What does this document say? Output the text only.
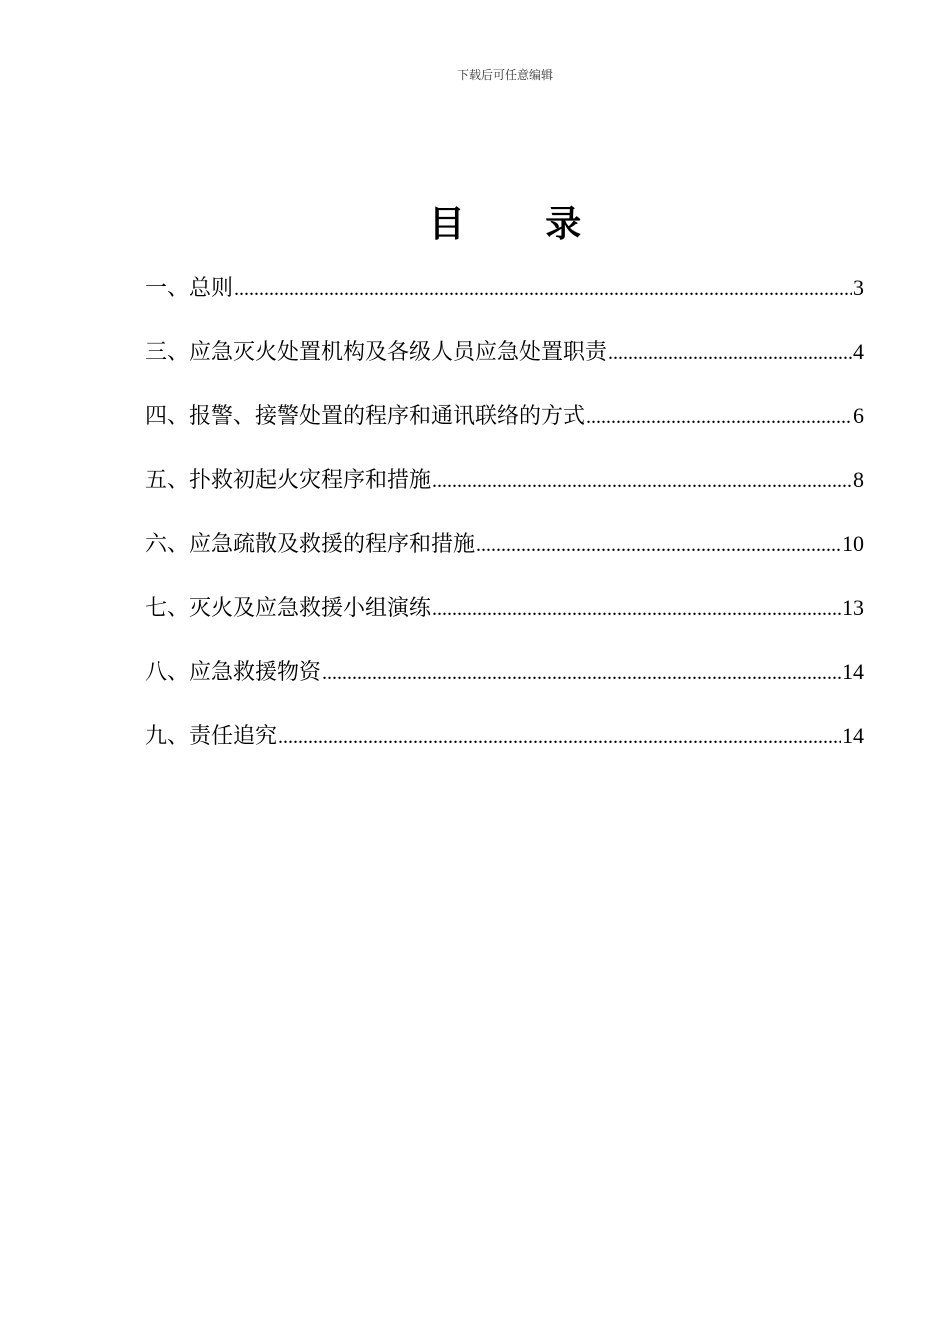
下载后可任意编辑
目 录
一、总则 .....	3
三、应急灭火处置机构及各级人员应急处置职责 .....	4
四、报警、接警处置的程序和通讯联络的方式 .....	6
五、扑救初起火灾程序和措施 .....	8
六、应急疏散及救援的程序和措施 .....	10
七、灭火及应急救援小组演练 .....	13
八、应急救援物资 .....	14
九、责任追究 .....	14
